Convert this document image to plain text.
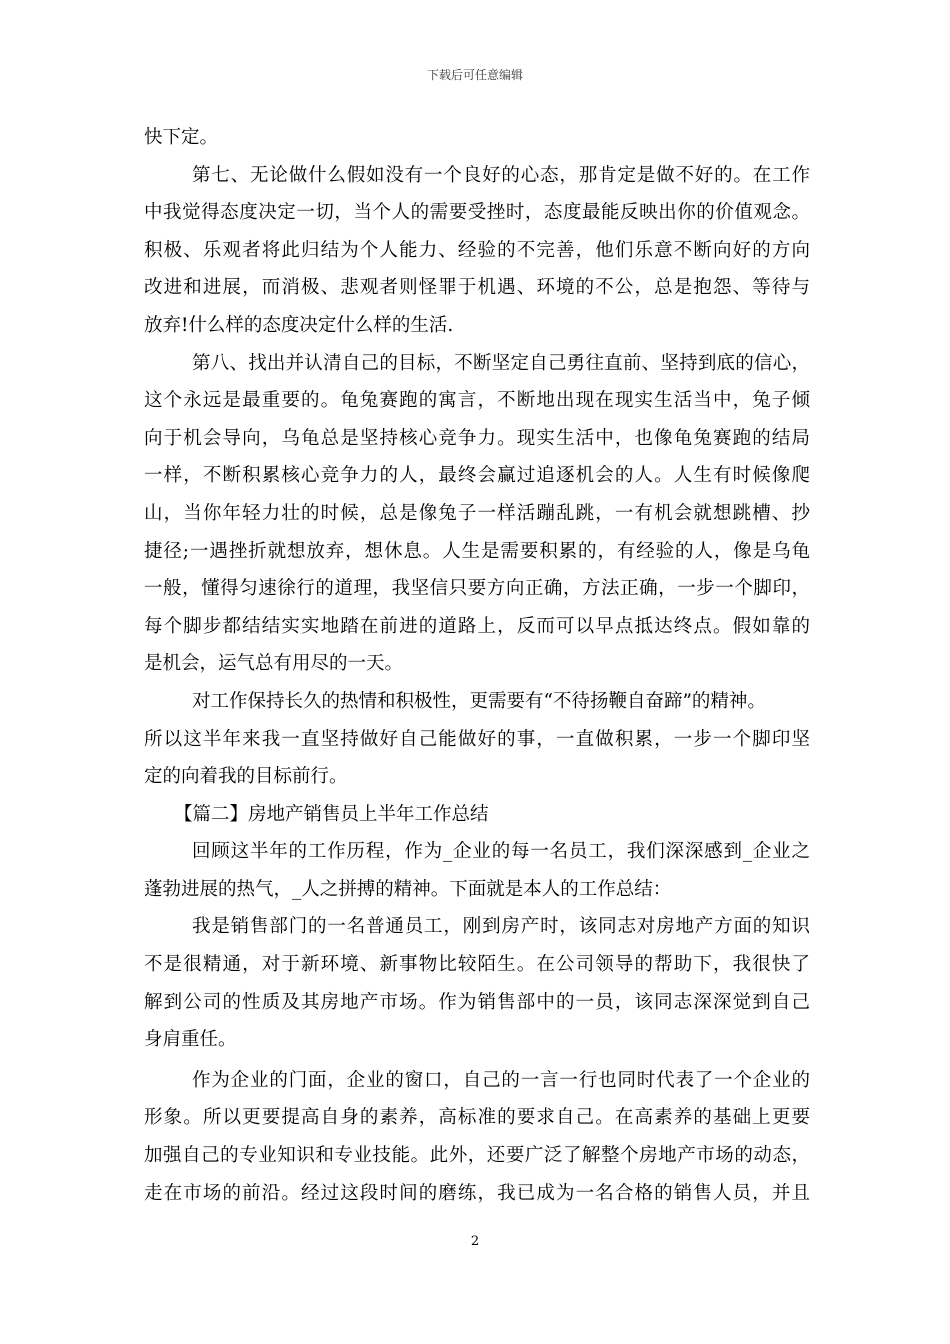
下载后可任意编辑
快下定。
第七、无论做什么假如没有一个良好的心态，那肯定是做不好的。在工作
中我觉得态度决定一切，当个人的需要受挫时，态度最能反映出你的价值观念。
积极、乐观者将此归结为个人能力、经验的不完善，他们乐意不断向好的方向
改进和进展，而消极、悲观者则怪罪于机遇、环境的不公，总是抱怨、等待与
放弃!什么样的态度决定什么样的生活.
第八、找出并认清自己的目标，不断坚定自己勇往直前、坚持到底的信心，
这个永远是最重要的。龟兔赛跑的寓言，不断地出现在现实生活当中，兔子倾
向于机会导向，乌龟总是坚持核心竞争力。现实生活中，也像龟兔赛跑的结局
一样，不断积累核心竞争力的人，最终会赢过追逐机会的人。人生有时候像爬
山，当你年轻力壮的时候，总是像兔子一样活蹦乱跳，一有机会就想跳槽、抄
捷径;一遇挫折就想放弃，想休息。人生是需要积累的，有经验的人，像是乌龟
一般，懂得匀速徐行的道理，我坚信只要方向正确，方法正确，一步一个脚印，
每个脚步都结结实实地踏在前进的道路上，反而可以早点抵达终点。假如靠的
是机会，运气总有用尽的一天。
对工作保持长久的热情和积极性，更需要有“不待扬鞭自奋蹄”的精神。
所以这半年来我一直坚持做好自己能做好的事，一直做积累，一步一个脚印坚
定的向着我的目标前行。
【篇二】房地产销售员上半年工作总结
回顾这半年的工作历程，作为_企业的每一名员工，我们深深感到_企业之
蓬勃进展的热气，_人之拼搏的精神。下面就是本人的工作总结：
我是销售部门的一名普通员工，刚到房产时，该同志对房地产方面的知识
不是很精通，对于新环境、新事物比较陌生。在公司领导的帮助下，我很快了
解到公司的性质及其房地产市场。作为销售部中的一员，该同志深深觉到自己
身肩重任。
作为企业的门面，企业的窗口，自己的一言一行也同时代表了一个企业的
形象。所以更要提高自身的素养，高标准的要求自己。在高素养的基础上更要
加强自己的专业知识和专业技能。此外，还要广泛了解整个房地产市场的动态，
走在市场的前沿。经过这段时间的磨练，我已成为一名合格的销售人员，并且
2
